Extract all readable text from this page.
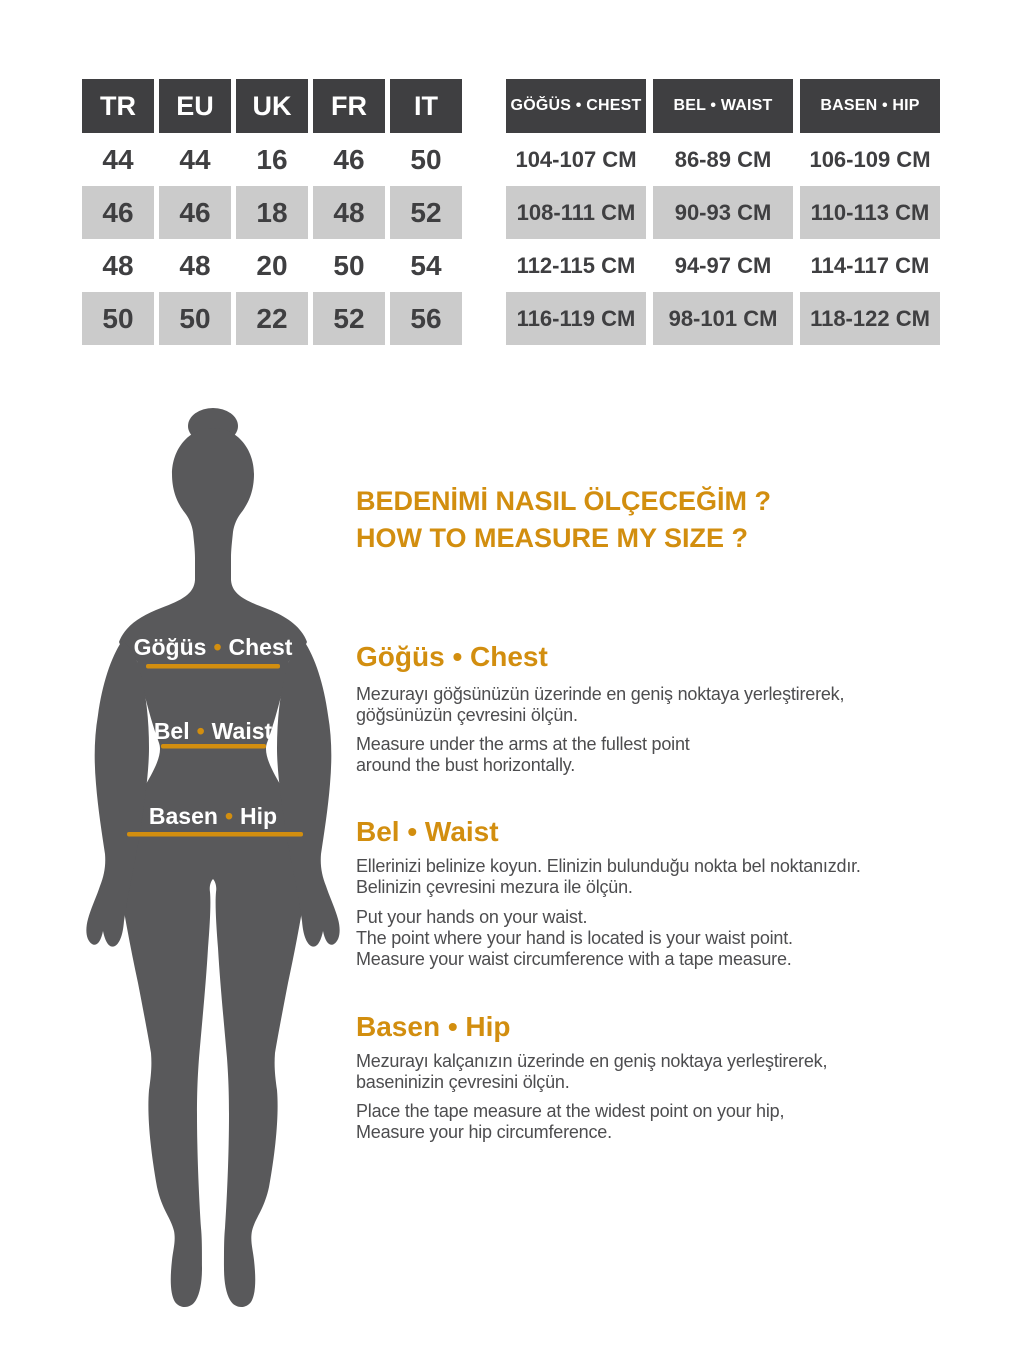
TR	EU	UK	FR	IT
44	44	16	46	50
46	46	18	48	52
48	48	20	50	54
50	50	22	52	56
GÖĞÜS • CHEST	BEL • WAIST	BASEN • HIP
104-107 CM	86-89 CM	106-109 CM
108-111 CM	90-93 CM	110-113 CM
112-115 CM	94-97 CM	114-117 CM
116-119 CM	98-101 CM	118-122 CM
Göğüs • Chest
Bel • Waist
Basen • Hip
BEDENİMİ NASIL ÖLÇECEĞİM ?
HOW TO MEASURE MY SIZE ?
Göğüs • Chest
Mezurayı göğsünüzün üzerinde en geniş noktaya yerleştirerek,
göğsünüzün çevresini ölçün.
Measure under the arms at the fullest point
around the bust horizontally.
Bel • Waist
Ellerinizi belinize koyun. Elinizin bulunduğu nokta bel noktanızdır.
Belinizin çevresini mezura ile ölçün.
Put your hands on your waist.
The point where your hand is located is your waist point.
Measure your waist circumference with a tape measure.
Basen • Hip
Mezurayı kalçanızın üzerinde en geniş noktaya yerleştirerek,
baseninizin çevresini ölçün.
Place the tape measure at the widest point on your hip,
Measure your hip circumference.
